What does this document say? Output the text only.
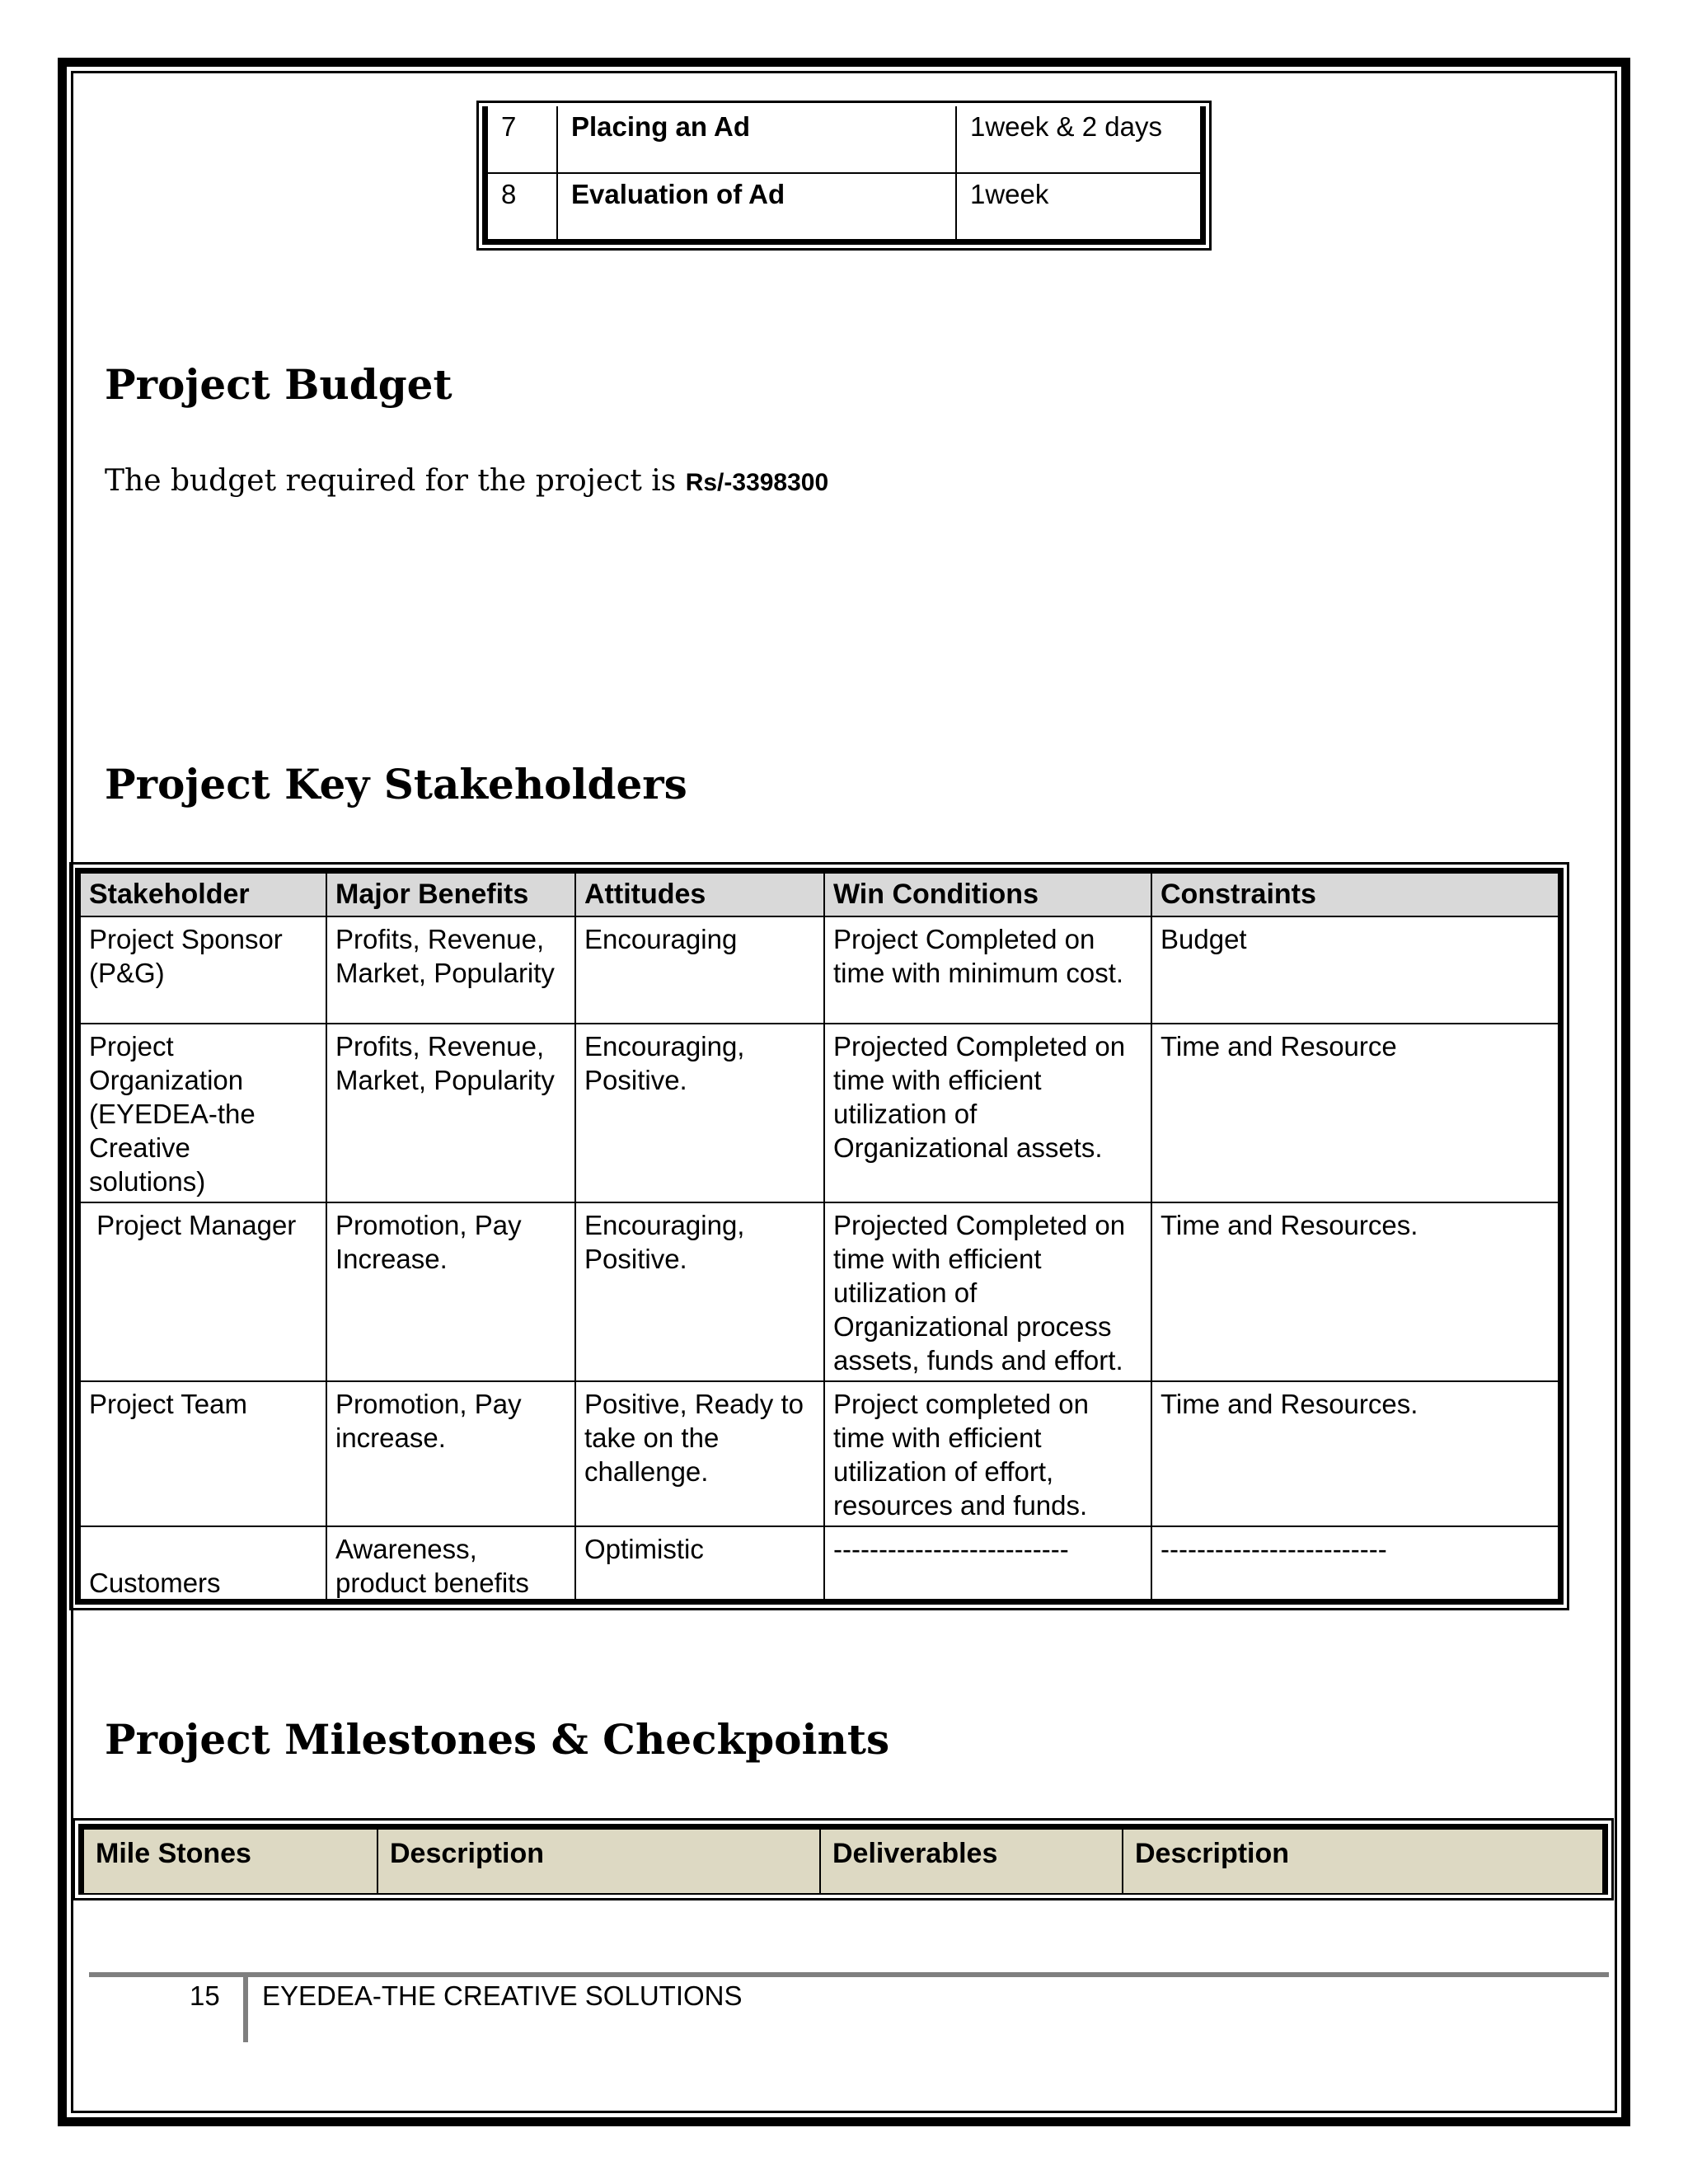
7	Placing an Ad	1week & 2 days
8	Evaluation of Ad	1week
Project Budget

The budget required for the project is Rs/-3398300

Project Key Stakeholders
Stakeholder	Major Benefits	Attitudes	Win Conditions	Constraints
Project Sponsor (P&G)	Profits, Revenue, Market, Popularity	Encouraging	Project Completed on time with minimum cost.	Budget
Project Organization (EYEDEA-the Creative solutions)	Profits, Revenue, Market, Popularity	Encouraging, Positive.	Projected Completed on time with efficient utilization of Organizational assets.	Time and Resource
Project Manager	Promotion, Pay Increase.	Encouraging, Positive.	Projected Completed on time with efficient utilization of Organizational process assets, funds and effort.	Time and Resources.
Project Team	Promotion, Pay increase.	Positive, Ready to take on the challenge.	Project completed on time with efficient utilization of effort, resources and funds.	Time and Resources.
Customers	Awareness, product benefits	Optimistic	--------------------------	-------------------------
Project Milestones & Checkpoints
Mile Stones	Description	Deliverables	Description

15 EYEDEA-THE CREATIVE SOLUTIONS
